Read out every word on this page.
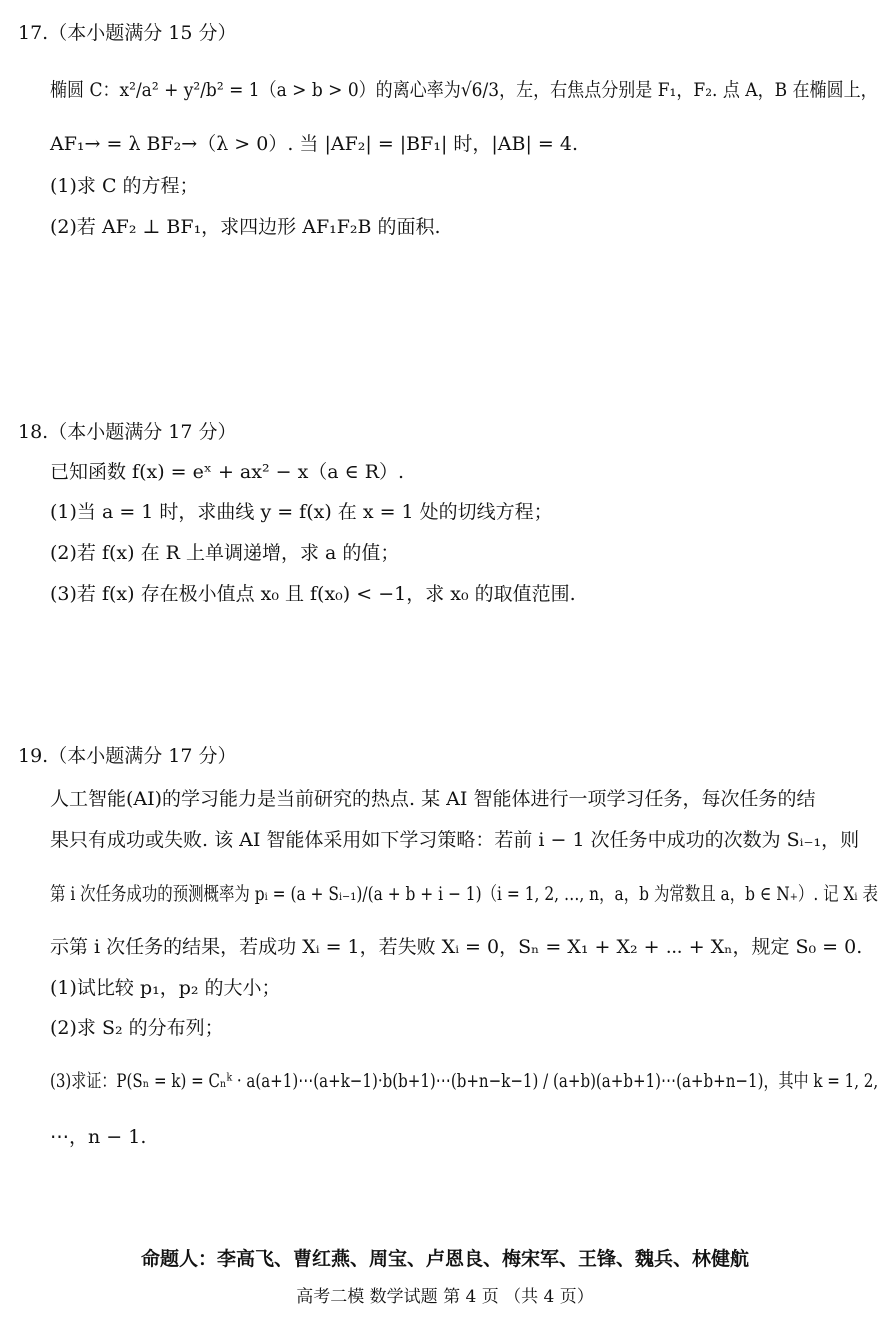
17.（本小题满分 15 分）
椭圆 C：x²/a² + y²/b² = 1（a > b > 0）的离心率为√6/3，左，右焦点分别是 F₁，F₂. 点 A，B 在椭圆上，
AF₁→ = λ BF₂→（λ > 0）. 当 |AF₂| = |BF₁| 时，|AB| = 4.
(1)求 C 的方程；
(2)若 AF₂ ⊥ BF₁，求四边形 AF₁F₂B 的面积.
18.（本小题满分 17 分）
已知函数 f(x) = eˣ + ax² − x（a ∈ R）.
(1)当 a = 1 时，求曲线 y = f(x) 在 x = 1 处的切线方程；
(2)若 f(x) 在 R 上单调递增，求 a 的值；
(3)若 f(x) 存在极小值点 x₀ 且 f(x₀) < −1，求 x₀ 的取值范围.
19.（本小题满分 17 分）
人工智能(AI)的学习能力是当前研究的热点. 某 AI 智能体进行一项学习任务，每次任务的结
果只有成功或失败. 该 AI 智能体采用如下学习策略：若前 i − 1 次任务中成功的次数为 Sᵢ₋₁，则
第 i 次任务成功的预测概率为 pᵢ = (a + Sᵢ₋₁)/(a + b + i − 1)（i = 1, 2, …, n，a，b 为常数且 a，b ∈ N₊）. 记 Xᵢ 表
示第 i 次任务的结果，若成功 Xᵢ = 1，若失败 Xᵢ = 0，Sₙ = X₁ + X₂ + ⋯ + Xₙ，规定 S₀ = 0.
(1)试比较 p₁，p₂ 的大小；
(2)求 S₂ 的分布列；
(3)求证：P(Sₙ = k) = Cₙᵏ · a(a+1)⋯(a+k−1)·b(b+1)⋯(b+n−k−1) / (a+b)(a+b+1)⋯(a+b+n−1)，其中 k = 1, 2,
⋯，n − 1.
命题人：李高飞、曹红燕、周宝、卢恩良、梅宋军、王锋、魏兵、林健航
高考二模 数学试题 第 4 页 （共 4 页）
